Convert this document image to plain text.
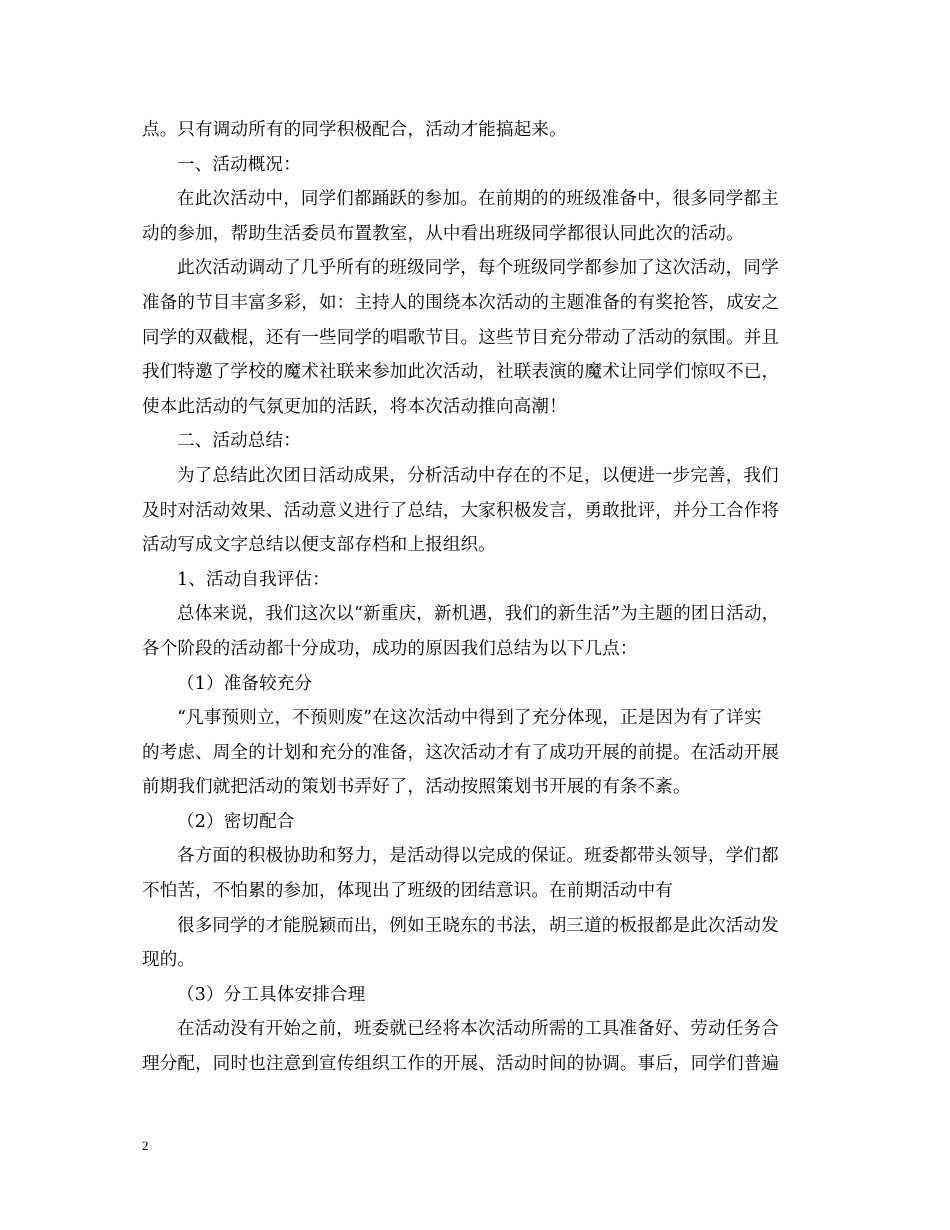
点。只有调动所有的同学积极配合，活动才能搞起来。
一、活动概况：
在此次活动中，同学们都踊跃的参加。在前期的的班级准备中，很多同学都主
动的参加，帮助生活委员布置教室，从中看出班级同学都很认同此次的活动。
此次活动调动了几乎所有的班级同学，每个班级同学都参加了这次活动，同学
准备的节目丰富多彩，如：主持人的围绕本次活动的主题准备的有奖抢答，成安之
同学的双截棍，还有一些同学的唱歌节目。这些节目充分带动了活动的氛围。并且
我们特邀了学校的魔术社联来参加此次活动，社联表演的魔术让同学们惊叹不已，
使本此活动的气氛更加的活跃，将本次活动推向高潮！
二、活动总结：
为了总结此次团日活动成果，分析活动中存在的不足，以便进一步完善，我们
及时对活动效果、活动意义进行了总结，大家积极发言，勇敢批评，并分工合作将
活动写成文字总结以便支部存档和上报组织。
1、活动自我评估：
总体来说，我们这次以“新重庆，新机遇，我们的新生活”为主题的团日活动，
各个阶段的活动都十分成功，成功的原因我们总结为以下几点：
（1）准备较充分
“凡事预则立，不预则废”在这次活动中得到了充分体现，正是因为有了详实
的考虑、周全的计划和充分的准备，这次活动才有了成功开展的前提。在活动开展
前期我们就把活动的策划书弄好了，活动按照策划书开展的有条不紊。
（2）密切配合
各方面的积极协助和努力，是活动得以完成的保证。班委都带头领导，学们都
不怕苦，不怕累的参加，体现出了班级的团结意识。在前期活动中有
很多同学的才能脱颖而出，例如王晓东的书法，胡三道的板报都是此次活动发
现的。
（3）分工具体安排合理
在活动没有开始之前，班委就已经将本次活动所需的工具准备好、劳动任务合
理分配，同时也注意到宣传组织工作的开展、活动时间的协调。事后，同学们普遍
2
